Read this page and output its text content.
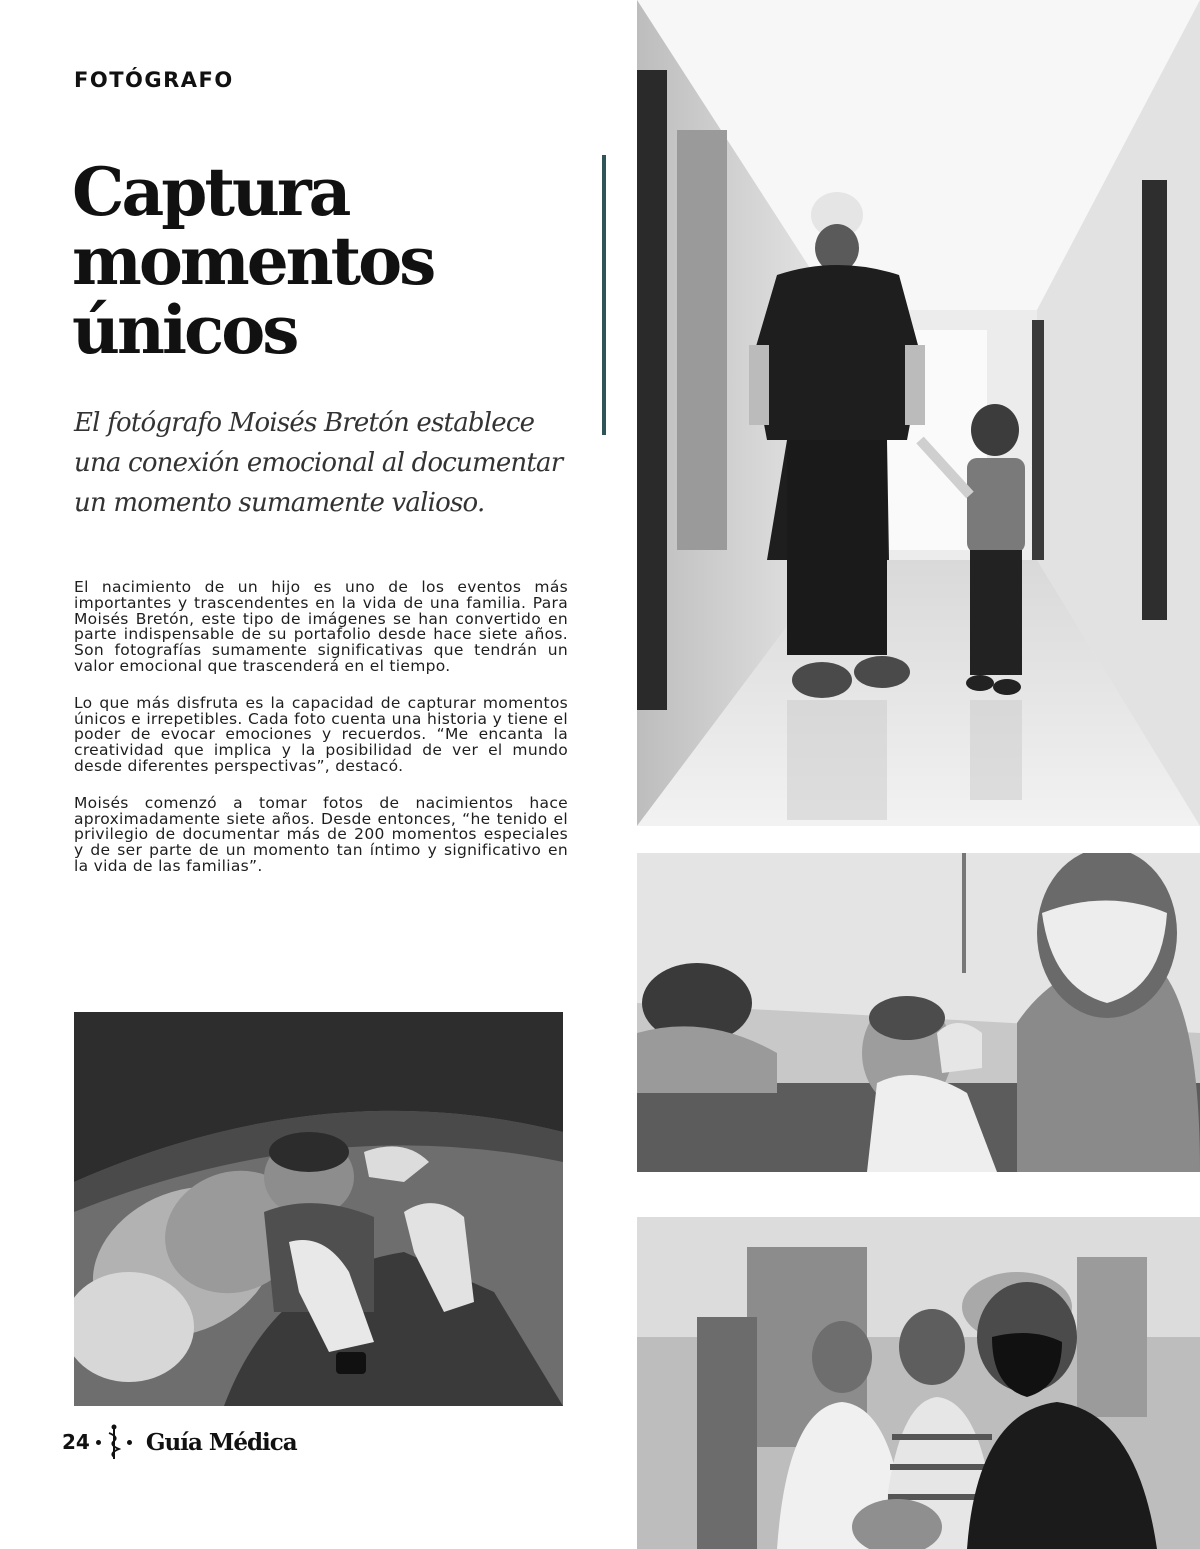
FOTÓGRAFO
Captura momentos únicos

El fotógrafo Moisés Bretón establece una conexión emocional al documentar un momento sumamente valioso.

El nacimiento de un hijo es uno de los eventos más importantes y trascendentes en la vida de una familia. Para Moisés Bretón, este tipo de imágenes se han convertido en parte indispensable de su portafolio desde hace siete años. Son fotografías sumamente significativas que tendrán un valor emocional que trascenderá en el tiempo.

Lo que más disfruta es la capacidad de capturar momentos únicos e irrepetibles. Cada foto cuenta una historia y tiene el poder de evocar emociones y recuerdos. “Me encanta la creatividad que implica y la posibilidad de ver el mundo desde diferentes perspectivas”, destacó.

Moisés comenzó a tomar fotos de nacimientos hace aproximadamente siete años. Desde entonces, “he tenido el privilegio de documentar más de 200 momentos especiales y de ser parte de un momento tan íntimo y significativo en la vida de las familias”.

24 Guía Médica
